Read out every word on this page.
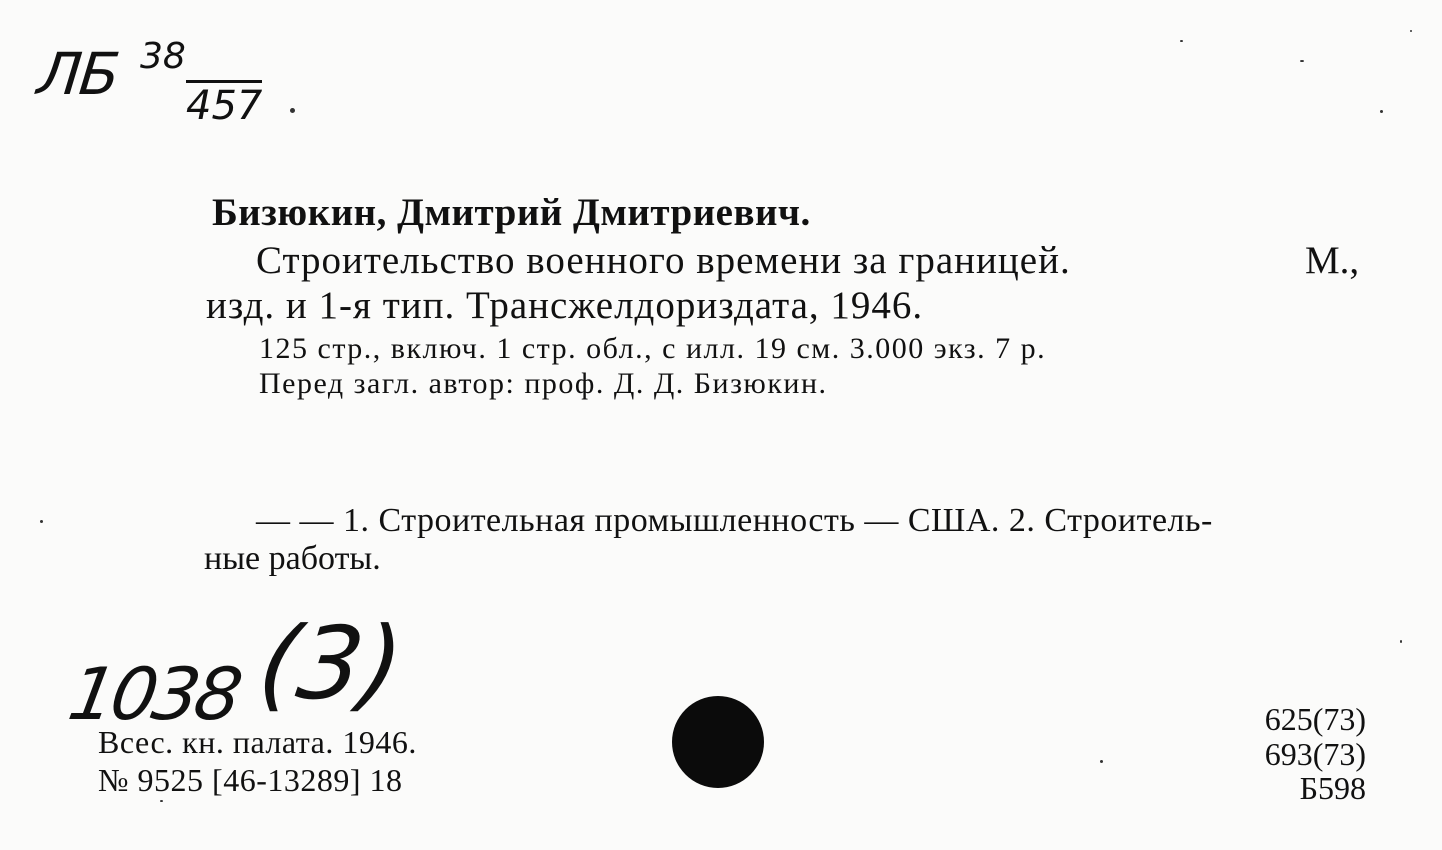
ЛБ 38
457
Бизюкин, Дмитрий Дмитриевич.
Строительство военного времени за границей.	М.,
изд. и 1-я тип. Трансжелдориздата, 1946.
125 стр., включ. 1 стр. обл., с илл. 19 см. 3.000 экз. 7 р.
Перед загл. автор: проф. Д. Д. Бизюкин.
— — 1. Строительная промышленность — США. 2. Строитель-
ные работы.
1038 (3)
Всес. кн. палата. 1946.
№ 9525 [46-13289] 18
625(73)
693(73)
Б598
